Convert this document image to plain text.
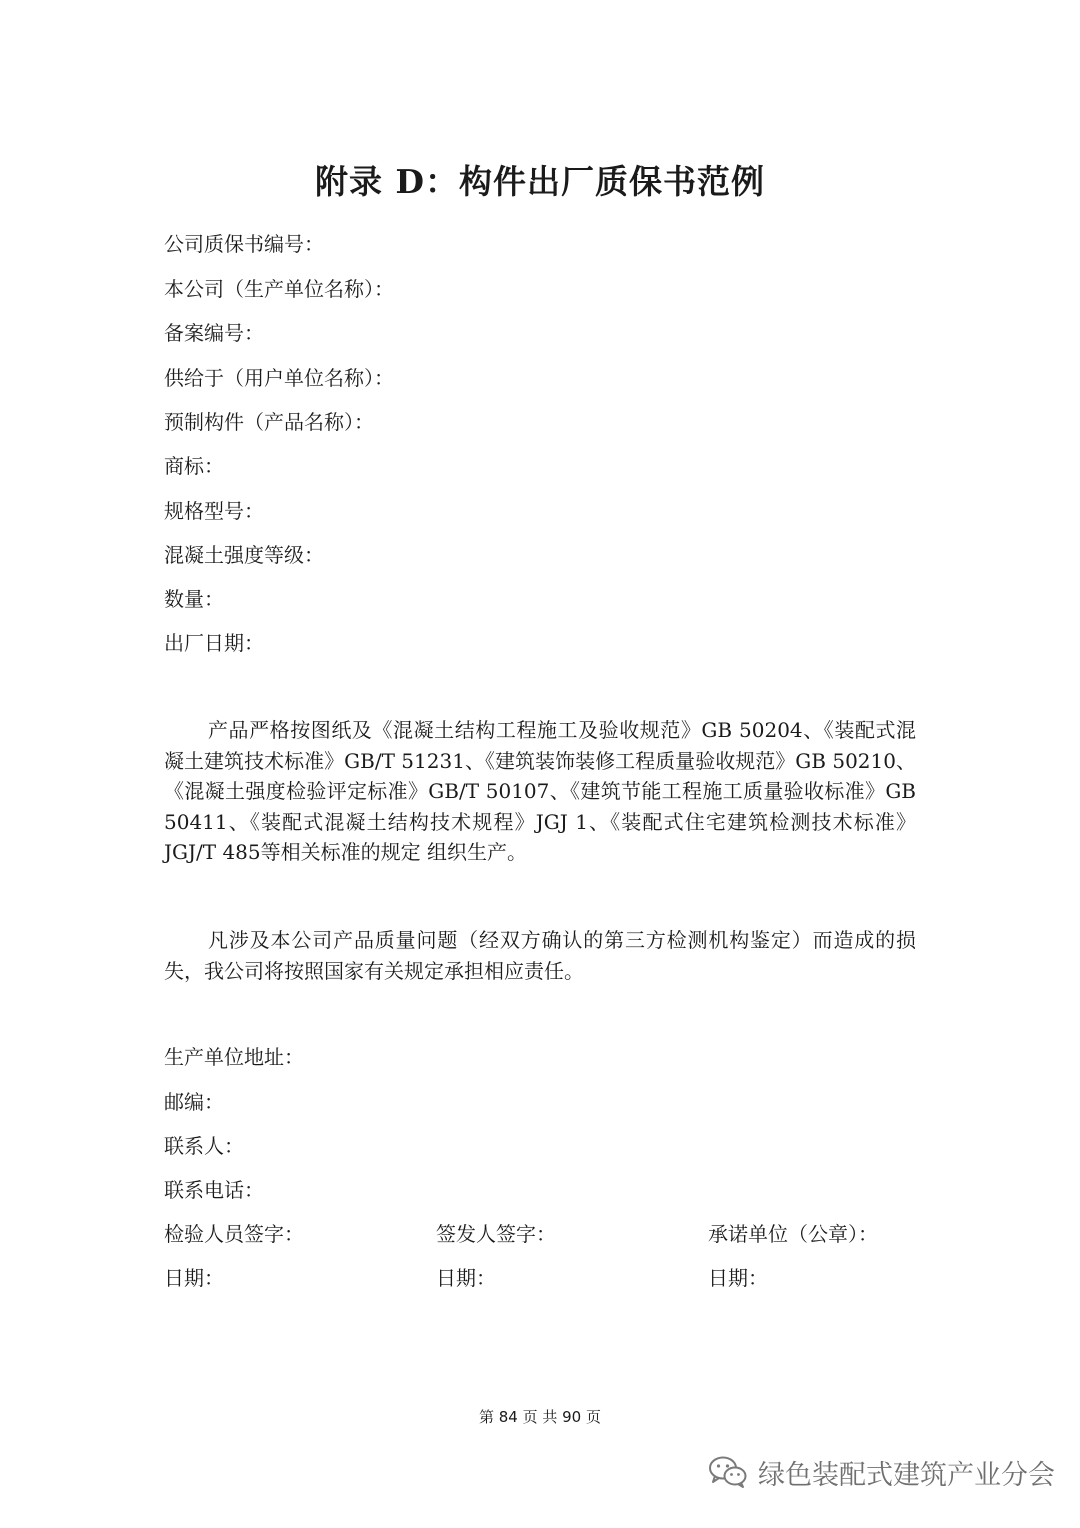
附录 D：构件出厂质保书范例
公司质保书编号：
本公司（生产单位名称）：
备案编号：
供给于（用户单位名称）：
预制构件（产品名称）：
商标：
规格型号：
混凝土强度等级：
数量：
出厂日期：
产品严格按图纸及《混凝土结构工程施工及验收规范》GB 50204、《装配式混凝土建筑技术标准》GB/T 51231、《建筑装饰装修工程质量验收规范》GB 50210、《混凝土强度检验评定标准》GB/T 50107、《建筑节能工程施工质量验收标准》GB 50411、《装配式混凝土结构技术规程》JGJ 1、《装配式住宅建筑检测技术标准》JGJ/T 485等相关标准的规定 组织生产。
凡涉及本公司产品质量问题（经双方确认的第三方检测机构鉴定）而造成的损失，我公司将按照国家有关规定承担相应责任。
生产单位地址：
邮编：
联系人：
联系电话：
检验人员签字：	签发人签字：	承诺单位（公章）：
日期：	日期：	日期：
第 84 页 共 90 页
绿色装配式建筑产业分会
